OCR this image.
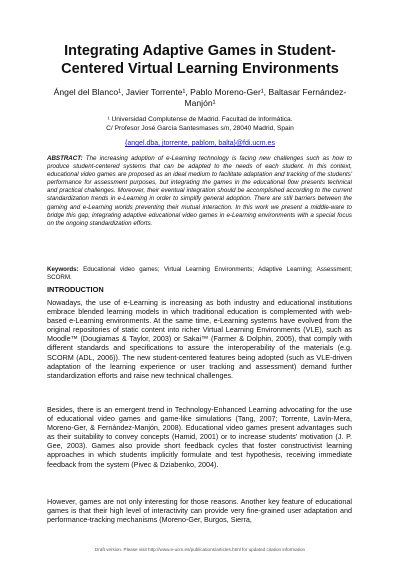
Integrating Adaptive Games in Student-Centered Virtual Learning Environments
Ángel del Blanco¹, Javier Torrente¹, Pablo Moreno-Ger¹, Baltasar Fernández-Manjón¹
¹ Universidad Complutense de Madrid. Facultad de Informática.
C/ Profesor José García Santesmases s/n, 28040 Madrid, Spain
{angel.dba, jtorrente, pablom, balta}@fdi.ucm.es
ABSTRACT: The increasing adoption of e-Learning technology is facing new challenges such as how to produce student-centered systems that can be adapted to the needs of each student. In this context, educational video games are proposed as an ideal medium to facilitate adaptation and tracking of the students' performance for assessment purposes, but integrating the games in the educational flow presents technical and practical challenges. Moreover, their eventual integration should be accomplished according to the current standardization trends in e-Learning in order to simplify general adoption. There are still barriers between the gaming and e-Learning worlds preventing their mutual interaction. In this work we present a middle-ware to bridge this gap, integrating adaptive educational video games in e-Learning environments with a special focus on the ongoing standardization efforts.
Keywords: Educational video games; Virtual Learning Environments; Adaptive Learning; Assessment; SCORM.
INTRODUCTION
Nowadays, the use of e-Learning is increasing as both industry and educational institutions embrace blended learning models in which traditional education is complemented with web-based e-Learning environments. At the same time, e-Learning systems have evolved from the original repositories of static content into richer Virtual Learning Environments (VLE), such as Moodle™ (Dougiamas & Taylor, 2003) or Sakai™ (Farmer & Dolphin, 2005), that comply with different standards and specifications to assure the interoperability of the materials (e.g. SCORM (ADL, 2006)). The new student-centered features being adopted (such as VLE-driven adaptation of the learning experience or user tracking and assessment) demand further standardization efforts and raise new technical challenges.
Besides, there is an emergent trend in Technology-Enhanced Learning advocating for the use of educational video games and game-like simulations (Tang, 2007; Torrente, Lavín-Mera, Moreno-Ger, & Fernández-Manjón, 2008). Educational video games present advantages such as their suitability to convey concepts (Hamid, 2001) or to increase students' motivation (J. P. Gee, 2003). Games also provide short feedback cycles that foster constructivist learning approaches in which students implicitly formulate and test hypothesis, receiving immediate feedback from the system (Pivec & Dziabenko, 2004).
However, games are not only interesting for those reasons. Another key feature of educational games is that their high level of interactivity can provide very fine-grained user adaptation and performance-tracking mechanisms (Moreno-Ger, Burgos, Sierra,
Draft version. Please visit http://www.e-ucm.es/publications/articles.html for updated citation information
